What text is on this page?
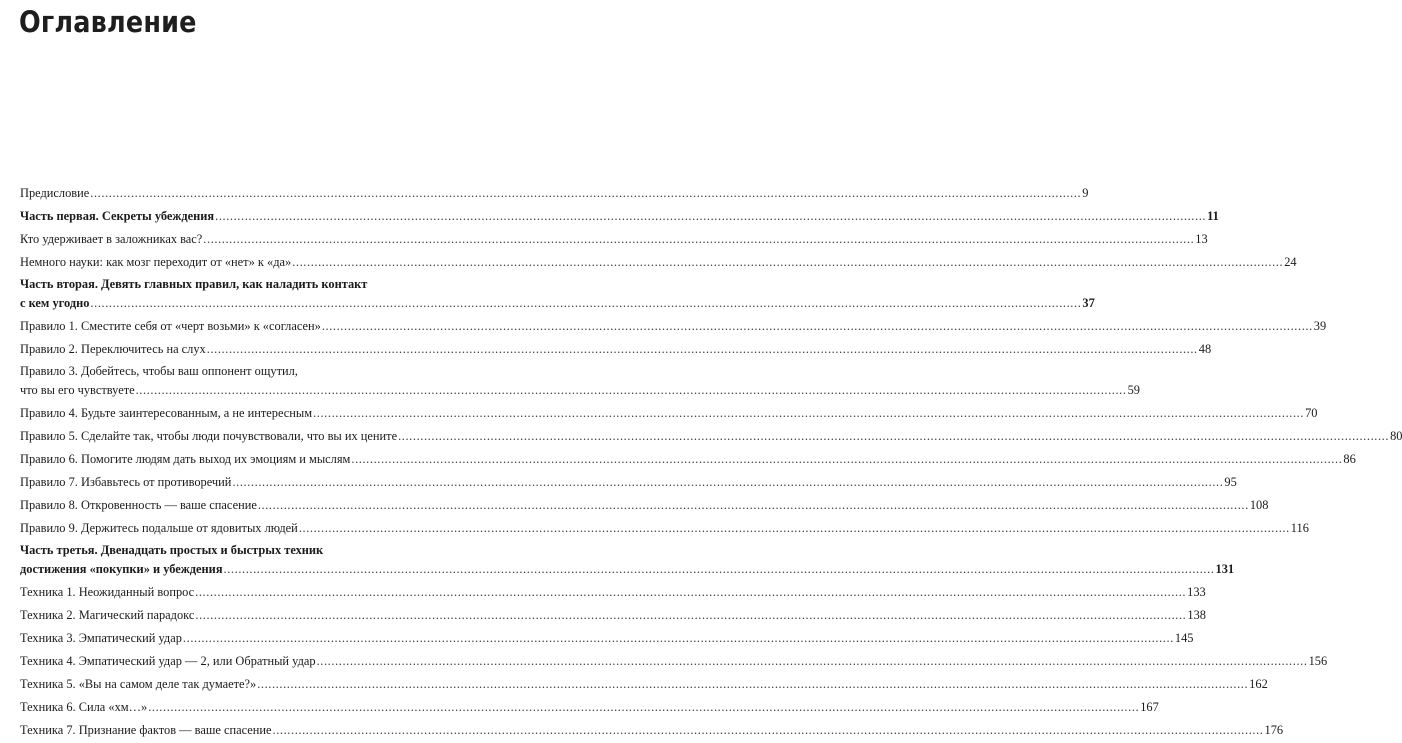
Оглавление
Предисловие .....	9
Часть первая. Секреты убеждения .....	11
Кто удерживает в заложниках вас? .....	13
Немного науки: как мозг переходит от «нет» к «да» .....	24
Часть вторая. Девять главных правил, как наладить контакт
с кем угодно .....	37
Правило 1. Сместите себя от «черт возьми» к «согласен» .....	39
Правило 2. Переключитесь на слух .....	48
Правило 3. Добейтесь, чтобы ваш оппонент ощутил,
что вы его чувствуете .....	59
Правило 4. Будьте заинтересованным, а не интересным .....	70
Правило 5. Сделайте так, чтобы люди почувствовали, что вы их цените .....	80
Правило 6. Помогите людям дать выход их эмоциям и мыслям .....	86
Правило 7. Избавьтесь от противоречий .....	95
Правило 8. Откровенность — ваше спасение .....	108
Правило 9. Держитесь подальше от ядовитых людей .....	116
Часть третья. Двенадцать простых и быстрых техник
достижения «покупки» и убеждения .....	131
Техника 1. Неожиданный вопрос .....	133
Техника 2. Магический парадокс .....	138
Техника 3. Эмпатический удар .....	145
Техника 4. Эмпатический удар — 2, или Обратный удар .....	156
Техника 5. «Вы на самом деле так думаете?» .....	162
Техника 6. Сила «хм…» .....	167
Техника 7. Признание фактов — ваше спасение .....	176
